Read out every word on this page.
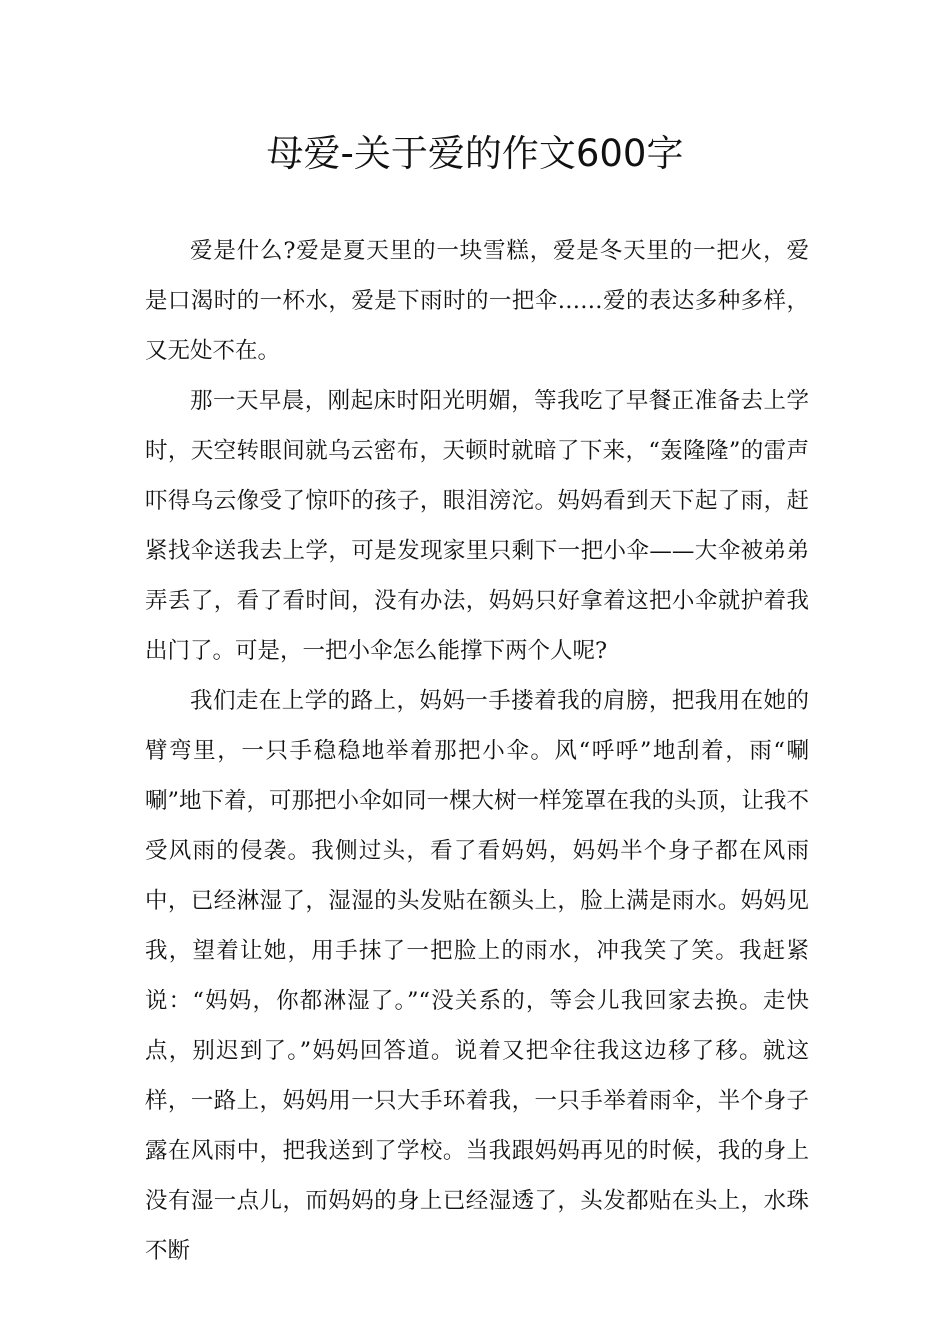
母爱-关于爱的作文600字

爱是什么?爱是夏天里的一块雪糕，爱是冬天里的一把火，爱是口渴时的一杯水，爱是下雨时的一把伞……爱的表达多种多样，又无处不在。

那一天早晨，刚起床时阳光明媚，等我吃了早餐正准备去上学时，天空转眼间就乌云密布，天顿时就暗了下来，“轰隆隆”的雷声吓得乌云像受了惊吓的孩子，眼泪滂沱。妈妈看到天下起了雨，赶紧找伞送我去上学，可是发现家里只剩下一把小伞——大伞被弟弟弄丢了，看了看时间，没有办法，妈妈只好拿着这把小伞就护着我出门了。可是，一把小伞怎么能撑下两个人呢?

我们走在上学的路上，妈妈一手搂着我的肩膀，把我用在她的臂弯里，一只手稳稳地举着那把小伞。风“呼呼”地刮着，雨“唰唰”地下着，可那把小伞如同一棵大树一样笼罩在我的头顶，让我不受风雨的侵袭。我侧过头，看了看妈妈，妈妈半个身子都在风雨中，已经淋湿了，湿湿的头发贴在额头上，脸上满是雨水。妈妈见我，望着让她，用手抹了一把脸上的雨水，冲我笑了笑。我赶紧说：“妈妈，你都淋湿了。”“没关系的，等会儿我回家去换。走快点，别迟到了。”妈妈回答道。说着又把伞往我这边移了移。就这样，一路上，妈妈用一只大手环着我，一只手举着雨伞，半个身子露在风雨中，把我送到了学校。当我跟妈妈再见的时候，我的身上没有湿一点儿，而妈妈的身上已经湿透了，头发都贴在头上，水珠不断
